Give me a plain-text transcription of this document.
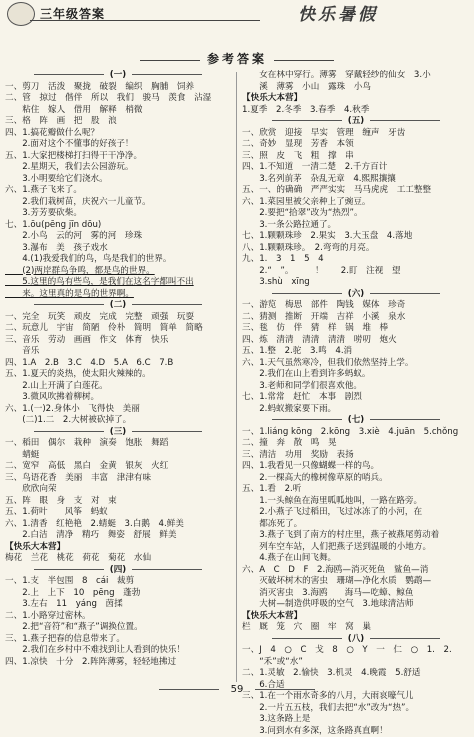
三年级答案	快乐暑假
参考答案
(一)
一、剪刀　活泼　聚拢　破裂　编织　胸脯　饲养
二、管　掠过　偕伴　所以　我们　骏马　羡食　沾湿
　　粘住　嫁人　借用　解释　梢微
三、格　阵　画　把　股　浪
四、1.搞花瓣做什么呢？
　　2.面对这个不懂事的好孩子！
五、1.大家把楼梯打扫得干干净净。
　　2.星期天，我们去公园游玩。
　　3.小明要给它们浇水。
六、1.燕子飞来了。
　　2.我们栽树苗，庆祝六一儿童节。
　　3.芳芳要砍柴。
七、1.ōu(pēng jīn dōu)
　　2.小鸟　云的河　雾的河　珍珠
　　3.瀑布　美　孩子戏水
　　4.(1)我爱我们的鸟，鸟是我们的世界。
　　(2)两岸群鸟争鸣，都是鸟的世界。
　　5.这里的鸟有些鸟，是我们在这名字都叫不出
　　来。这里真的是鸟的世界啊。
(二)
一、完全　玩笑　顽皮　完成　完整　顽强　玩耍
二、玩意儿　宇宙　简陋　伶朴　简明　简单　简略
三、音乐　劳动　画画　作文　体育　快乐
　　音乐
四、1.A　2.B　3.C　4.D　5.A　6.C　7.B
五、1.夏天的炎热，使太阳火辣辣的。
　　2.山上开满了白莲花。
　　3.微风吹拂着柳树。
六、1.(一)2.身体小　飞得快　美丽
　　(二)1.二　2.大树被砍掉了。
(三)
一、稻田　偶尔　栽种　演奏　饱胀　舞蹈
　　蜻蜓
二、宽窄　高低　黑白　金黄　银灰　火红
三、鸟语花香　美丽　丰富　津津有味
　　欣欣向荣
五、阵　眼　身　支　对　束
五、1.荷叶　　风筝　蚂蚁
六、1.清香　红艳艳　2.蜻蜓　3.白鹅　4.鲜美
　　2.白洁　清净　精巧　舞姿　舒展　鲜美
【快乐大本营】
梅花　兰花　桃花　荷花　菊花　水仙
(四)
一、1.支　半包围　8　cái　裁剪
　　2.上　上下　10　pēng　蓬勃
　　3.左右　11　yáng　茵揉
二、1.小路穿过密林。
　　2.把“音符”和“燕子”调换位置。
三、1.燕子把春的信息带来了。
　　2.我们在乡村中不难找到让人看到的快乐！
四、1.凉快　十分　2.阵阵薄雾，轻轻地拂过
　　女在林中穿行。薄雾　穿戴轻纱的仙女　3.小
　　溪　薄雾　小山　露珠　小鸟
【快乐大本营】
1.夏季　2.冬季　3.春季　4.秋季
(五)
一、欣赏　迎接　早实　管理　缠声　牙齿
二、奇妙　显现　芳香　本领
三、照　皮　飞　粗　撑　串
四、1.不知道　一清二楚　2.千方百计
　　3.名列前茅　杂乱无章　4.熙熙攘攘
五、一、的确确　严严实实　马马虎虎　工工整整
六、1.菜园里被父亲种上了豌豆。
　　2.要把“拾翠”改为“热烈”。
　　3.一条公路拉通了。
七、1.颗颗珠珍　2.果实　3.大玉盘　4.落地
八、1.颗颗珠珍。　2.弯弯的月亮。
九、1.　3　1　5　4
　　2.“　”。　　　！　　2.盯　注视　望
　　3.shù　xīng
(六)
一、游览　梅思　部件　陶钱　媒体　珍奇
二、猜测　推断　开端　吉祥　小溪　泉水
三、毯　仿　伴　猜　样　锅　堆　棒
四、炼　清清　清清　清清　唠叨　炮火
五、1.整　2.驼　3.鸣　4.消
六、1.天气虽然寒冷，但我们依然坚持上学。
　　2.我们在山上看到许多蚂蚁。
　　3.老师和同学们很喜欢他。
七、1.常常　赶忙　本事　剧烈
　　2.蚂蚁搬家要下雨。
(七)
一、1.liáng kōng　2.kōng　3.xiè　4.juān　5.chǒng
二、撞　奔　散　鸣　晃
三、清洁　功用　奖励　表扬
四、1.我看见一只像蝴蝶一样的鸟。
　　2.一棵高大的橡树像草原的哨兵。
五、1.看　2.听
　　1.一头鲸鱼在海里呱呱地叫，一路在路旁。
　　2.小燕子飞过稻田，飞过冰冻了的小河，在
　　都冻死了。
　　3.燕子飞到了南方的村庄里，燕子被燕尾剪动着
　　列车空车站，人们把燕子送到温暖的小地方。
　　4.燕子在山间飞舞。
六、A　C　D　F　2.海鸥—消灭死鱼　鲨鱼—消
　　灭破坏树木的害虫　珊瑚—净化水质　鹦鹉—
　　消灭害虫　3.海鸥　　海马—吃蟑、鲸鱼
　　大树—制造供呼吸的空气　3.地球清洁师
【快乐大本营】
栏　厩　笼　穴　圈　牢　窝　巢
(八)
一、J　4　○　C　戈　8　○　Y　一　仁　○　1.　2.
　　“禾”或“水”　
二、1.灵敏　2.愉快　3.机灵　4.晚霞　5.舒适
　　6.合适
三、1.在一个雨水奇多的八月，大雨哀嚎气儿
　　2.一片五五枝，我们去把“水”改为“热”。
　　3.这条路上是
　　3.问到水有多深，这条路真直啊！
59
